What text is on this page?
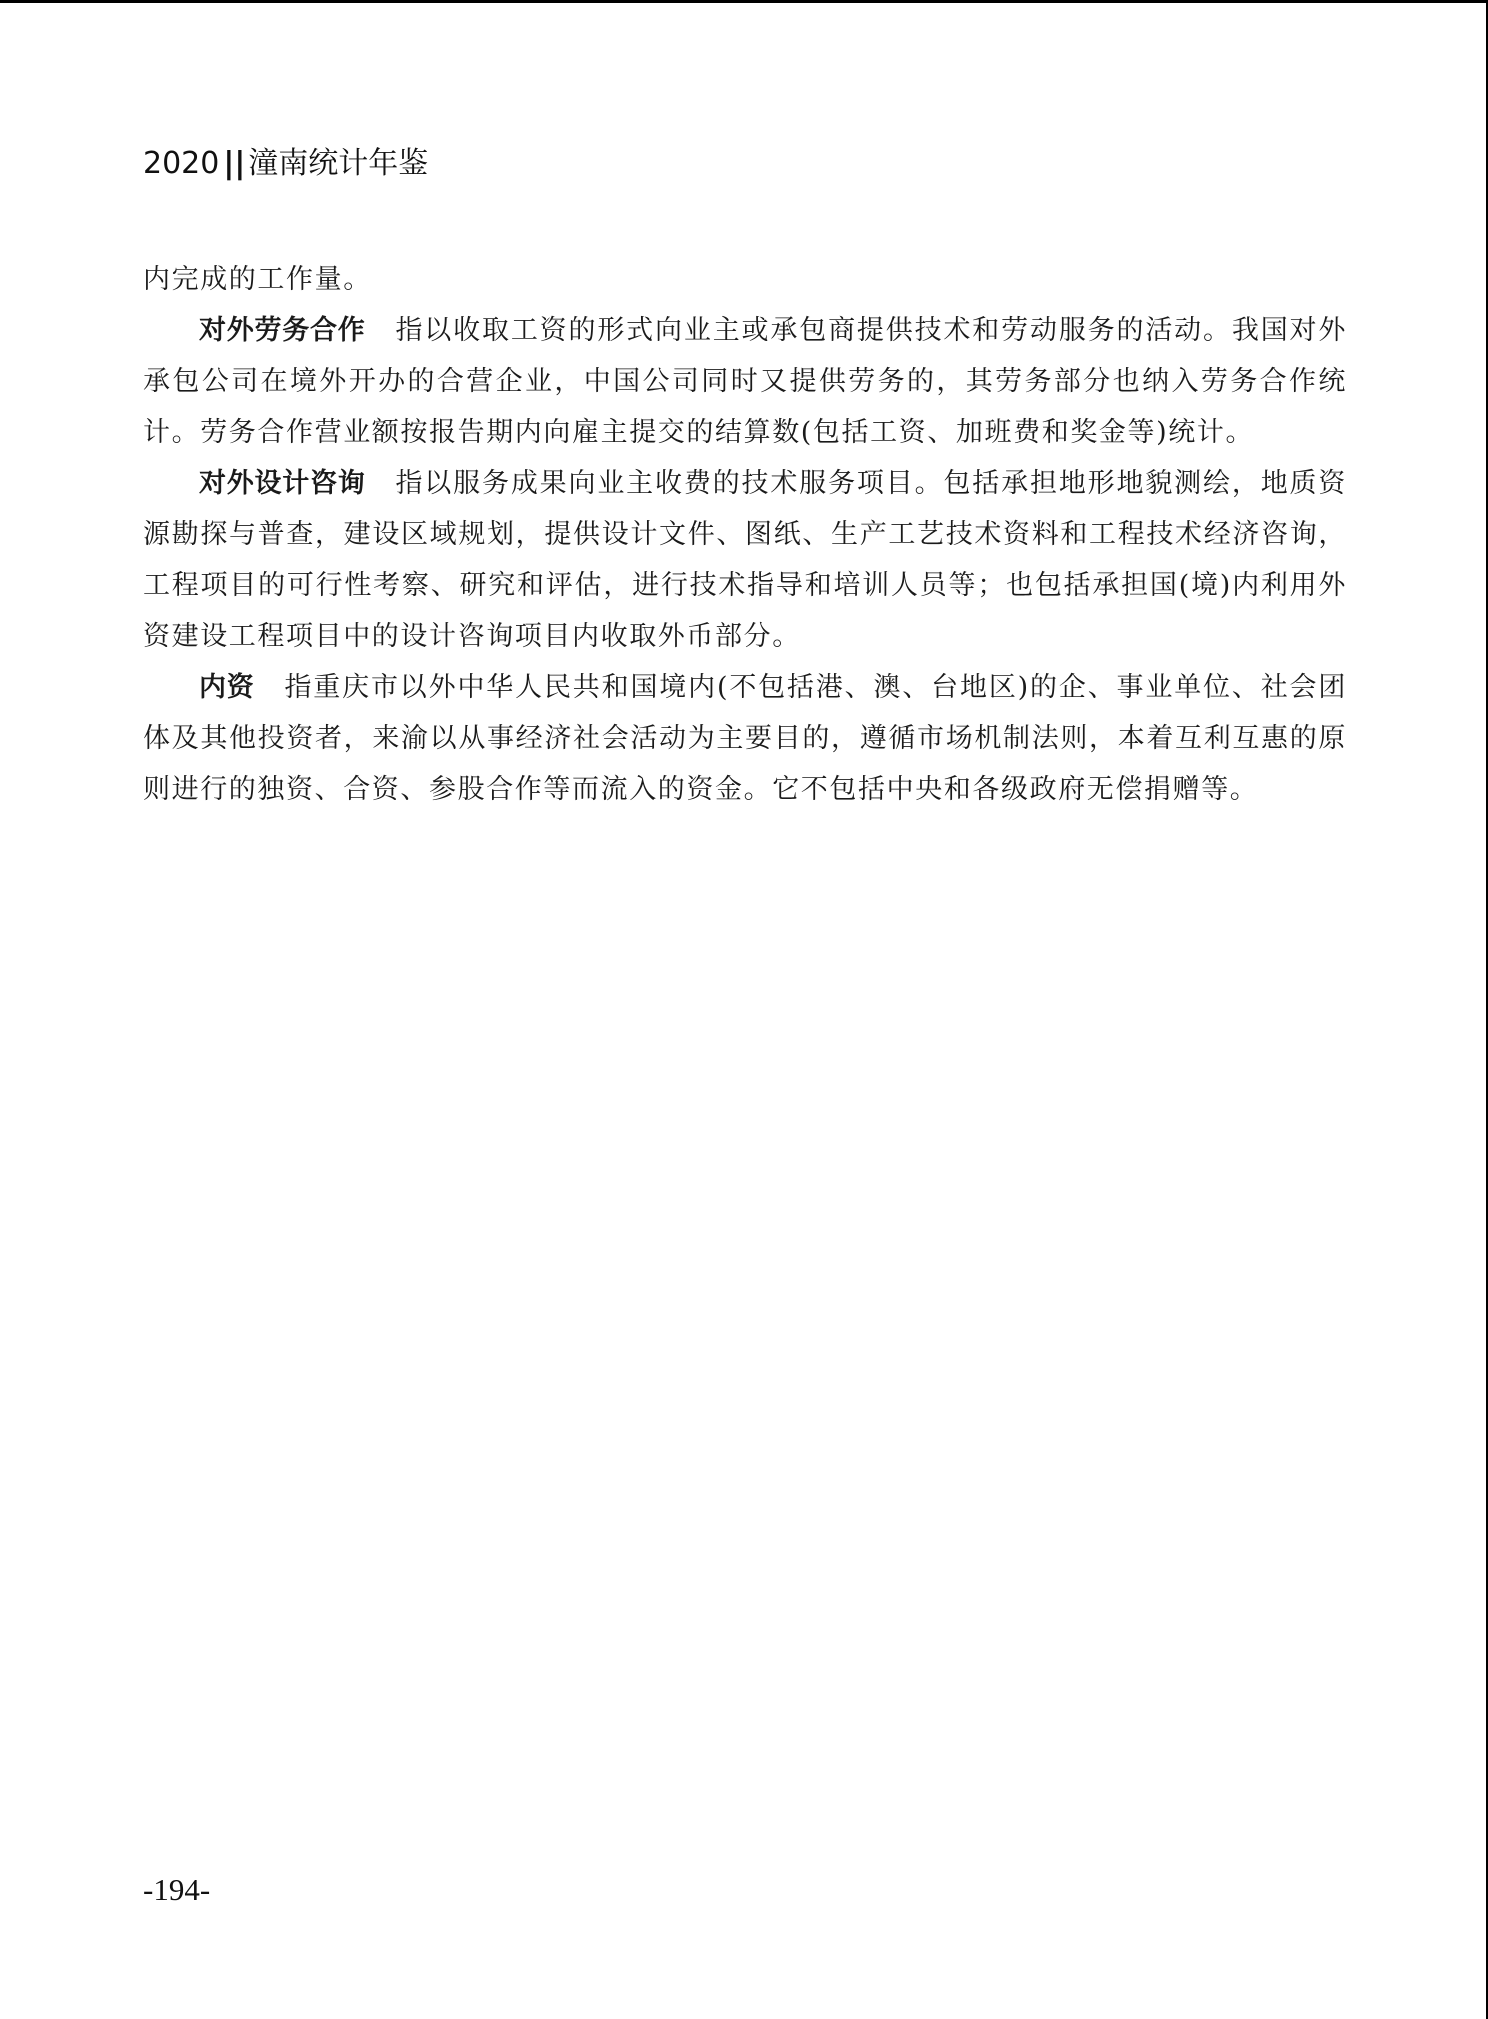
2020 || 潼南统计年鉴

内完成的工作量。

对外劳务合作 指以收取工资的形式向业主或承包商提供技术和劳动服务的活动。我国对外承包公司在境外开办的合营企业，中国公司同时又提供劳务的，其劳务部分也纳入劳务合作统计。劳务合作营业额按报告期内向雇主提交的结算数(包括工资、加班费和奖金等)统计。

对外设计咨询 指以服务成果向业主收费的技术服务项目。包括承担地形地貌测绘，地质资源勘探与普查，建设区域规划，提供设计文件、图纸、生产工艺技术资料和工程技术经济咨询，工程项目的可行性考察、研究和评估，进行技术指导和培训人员等；也包括承担国(境)内利用外资建设工程项目中的设计咨询项目内收取外币部分。

内资 指重庆市以外中华人民共和国境内(不包括港、澳、台地区)的企、事业单位、社会团体及其他投资者，来渝以从事经济社会活动为主要目的，遵循市场机制法则，本着互利互惠的原则进行的独资、合资、参股合作等而流入的资金。它不包括中央和各级政府无偿捐赠等。

-194-
